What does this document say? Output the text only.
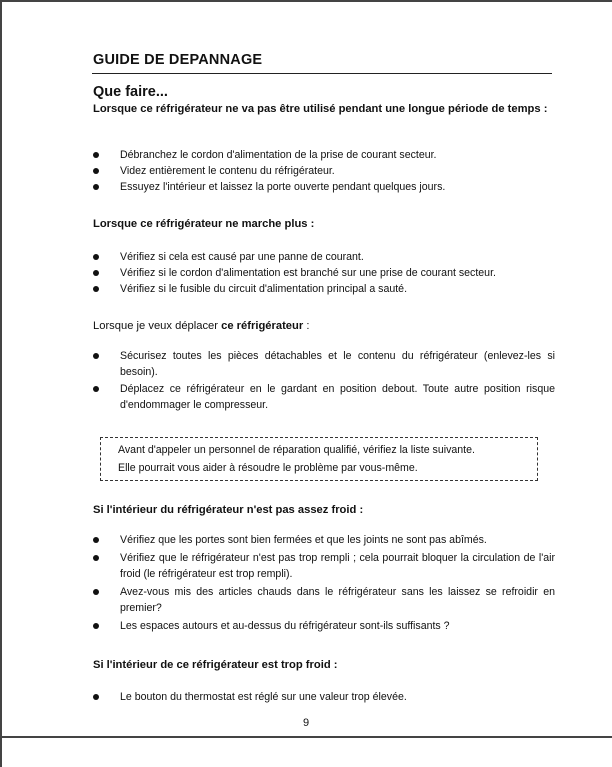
GUIDE DE DEPANNAGE
Que faire...
Lorsque ce réfrigérateur ne va pas être utilisé pendant une longue période de temps :
Débranchez le cordon d'alimentation de la prise de courant secteur.
Videz entièrement le contenu du réfrigérateur.
Essuyez l'intérieur et laissez la porte ouverte pendant quelques jours.
Lorsque ce réfrigérateur ne marche plus :
Vérifiez si cela est causé par une panne de courant.
Vérifiez si le cordon d'alimentation est branché sur une prise de courant secteur.
Vérifiez si le fusible du circuit d'alimentation principal a sauté.
Lorsque je veux déplacer ce réfrigérateur :
Sécurisez toutes les pièces détachables et le contenu du réfrigérateur (enlevez-les si besoin).
Déplacez ce réfrigérateur en le gardant en position debout. Toute autre position risque d'endommager le compresseur.
Avant d'appeler un personnel de réparation qualifié, vérifiez la liste suivante.
Elle pourrait vous aider à résoudre le problème par vous-même.
Si l'intérieur du réfrigérateur n'est pas assez froid :
Vérifiez que les portes sont bien fermées et que les joints ne sont pas abîmés.
Vérifiez que le réfrigérateur n'est pas trop rempli ; cela pourrait bloquer la circulation de l'air froid (le réfrigérateur est trop rempli).
Avez-vous mis des articles chauds dans le réfrigérateur sans les laissez se refroidir en premier?
Les espaces autours et au-dessus du réfrigérateur sont-ils suffisants ?
Si l'intérieur de ce réfrigérateur est trop froid :
Le bouton du thermostat est réglé sur une valeur trop élevée.
9
